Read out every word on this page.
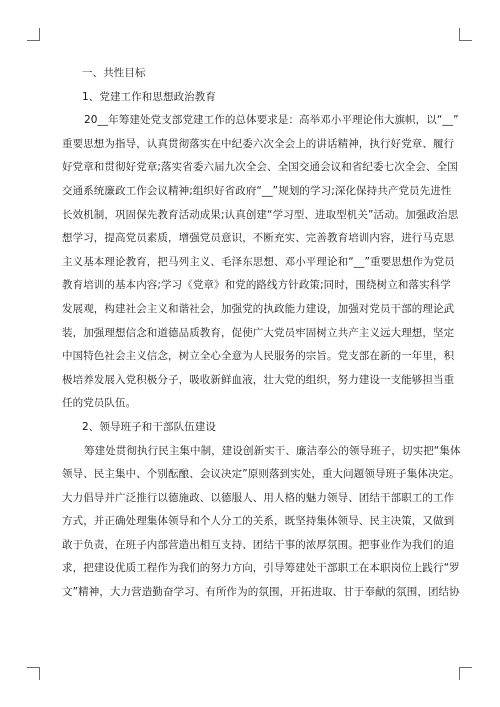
一、共性目标

1、党建工作和思想政治教育

20__年筹建处党支部党建工作的总体要求是：高举邓小平理论伟大旗帜，以“__”
重要思想为指导，认真贯彻落实在中纪委六次全会上的讲话精神，执行好党章、履行
好党章和贯彻好党章;落实省委六届九次全会、全国交通会议和省纪委七次全会、全国
交通系统廉政工作会议精神;组织好省政府“__”规划的学习;深化保持共产党员先进性
长效机制，巩固保先教育活动成果;认真创建“学习型、进取型机关”活动。加强政治思
想学习，提高党员素质，增强党员意识，不断充实、完善教育培训内容，进行马克思
主义基本理论教育，把马列主义、毛泽东思想、邓小平理论和“__”重要思想作为党员
教育培训的基本内容;学习《党章》和党的路线方针政策;同时，围绕树立和落实科学
发展观，构建社会主义和谐社会，加强党的执政能力建设，加强对党员干部的理论武
装，加强理想信念和道德品质教育，促使广大党员牢固树立共产主义远大理想，坚定
中国特色社会主义信念，树立全心全意为人民服务的宗旨。党支部在新的一年里，积
极培养发展入党积极分子，吸收新鲜血液，壮大党的组织，努力建设一支能够担当重
任的党员队伍。

2、领导班子和干部队伍建设

筹建处贯彻执行民主集中制，建设创新实干、廉洁奉公的领导班子，切实把“集体
领导、民主集中、个别酝酿、会议决定”原则落到实处，重大问题领导班子集体决定。
大力倡导并广泛推行以德施政、以德服人、用人格的魅力领导、团结干部职工的工作
方式，并正确处理集体领导和个人分工的关系，既坚持集体领导、民主决策，又做到
敢于负责，在班子内部营造出相互支持、团结干事的浓厚氛围。把事业作为我们的追
求，把建设优质工程作为我们的努力方向，引导筹建处干部职工在本职岗位上践行“罗
文”精神，大力营造勤奋学习、有所作为的氛围，开拓进取、甘于奉献的氛围，团结协
